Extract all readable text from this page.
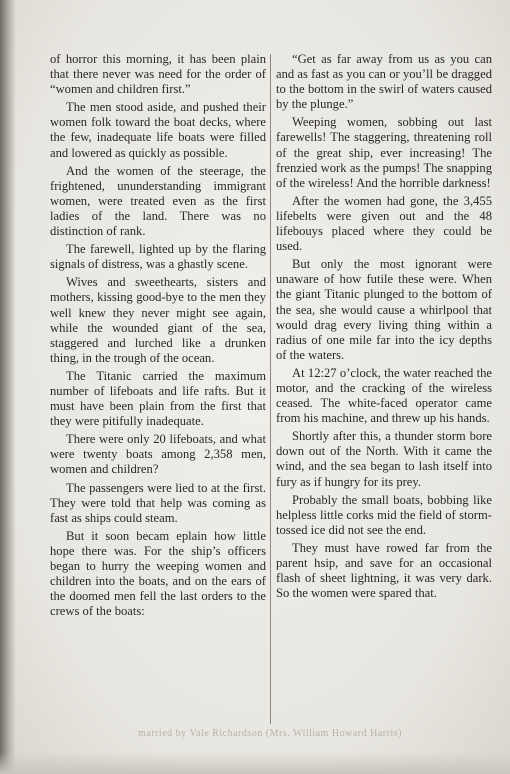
of horror this morning, it has been plain that there never was need for the order of “women and children first.”

The men stood aside, and pushed their women folk toward the boat decks, where the few, inadequate life boats were filled and lowered as quickly as possible.

And the women of the steerage, the frightened, ununderstanding immigrant women, were treated even as the first ladies of the land. There was no distinction of rank.

The farewell, lighted up by the flaring signals of distress, was a ghastly scene.

Wives and sweethearts, sisters and mothers, kissing good-bye to the men they well knew they never might see again, while the wounded giant of the sea, staggered and lurched like a drunken thing, in the trough of the ocean.

The Titanic carried the maximum number of lifeboats and life rafts. But it must have been plain from the first that they were pitifully inadequate.

There were only 20 lifeboats, and what were twenty boats among 2,358 men, women and children?

The passengers were lied to at the first. They were told that help was coming as fast as ships could steam.

But it soon becam eplain how little hope there was. For the ship’s officers began to hurry the weeping women and children into the boats, and on the ears of the doomed men fell the last orders to the crews of the boats:

“Get as far away from us as you can and as fast as you can or you’ll be dragged to the bottom in the swirl of waters caused by the plunge.”

Weeping women, sobbing out last farewells! The staggering, threatening roll of the great ship, ever increasing! The frenzied work as the pumps! The snapping of the wireless! And the horrible darkness!

After the women had gone, the 3,455 lifebelts were given out and the 48 lifebouys placed where they could be used.

But only the most ignorant were unaware of how futile these were. When the giant Titanic plunged to the bottom of the sea, she would cause a whirlpool that would drag every living thing within a radius of one mile far into the icy depths of the waters.

At 12:27 o’clock, the water reached the motor, and the cracking of the wireless ceased. The white-faced operator came from his machine, and threw up his hands.

Shortly after this, a thunder storm bore down out of the North. With it came the wind, and the sea began to lash itself into fury as if hungry for its prey.

Probably the small boats, bobbing like helpless little corks mid the field of storm-tossed ice did not see the end.

They must have rowed far from the parent hsip, and save for an occasional flash of sheet lightning, it was very dark. So the women were spared that.

married by Vale Richardson (Mrs. William Howard Harris)
